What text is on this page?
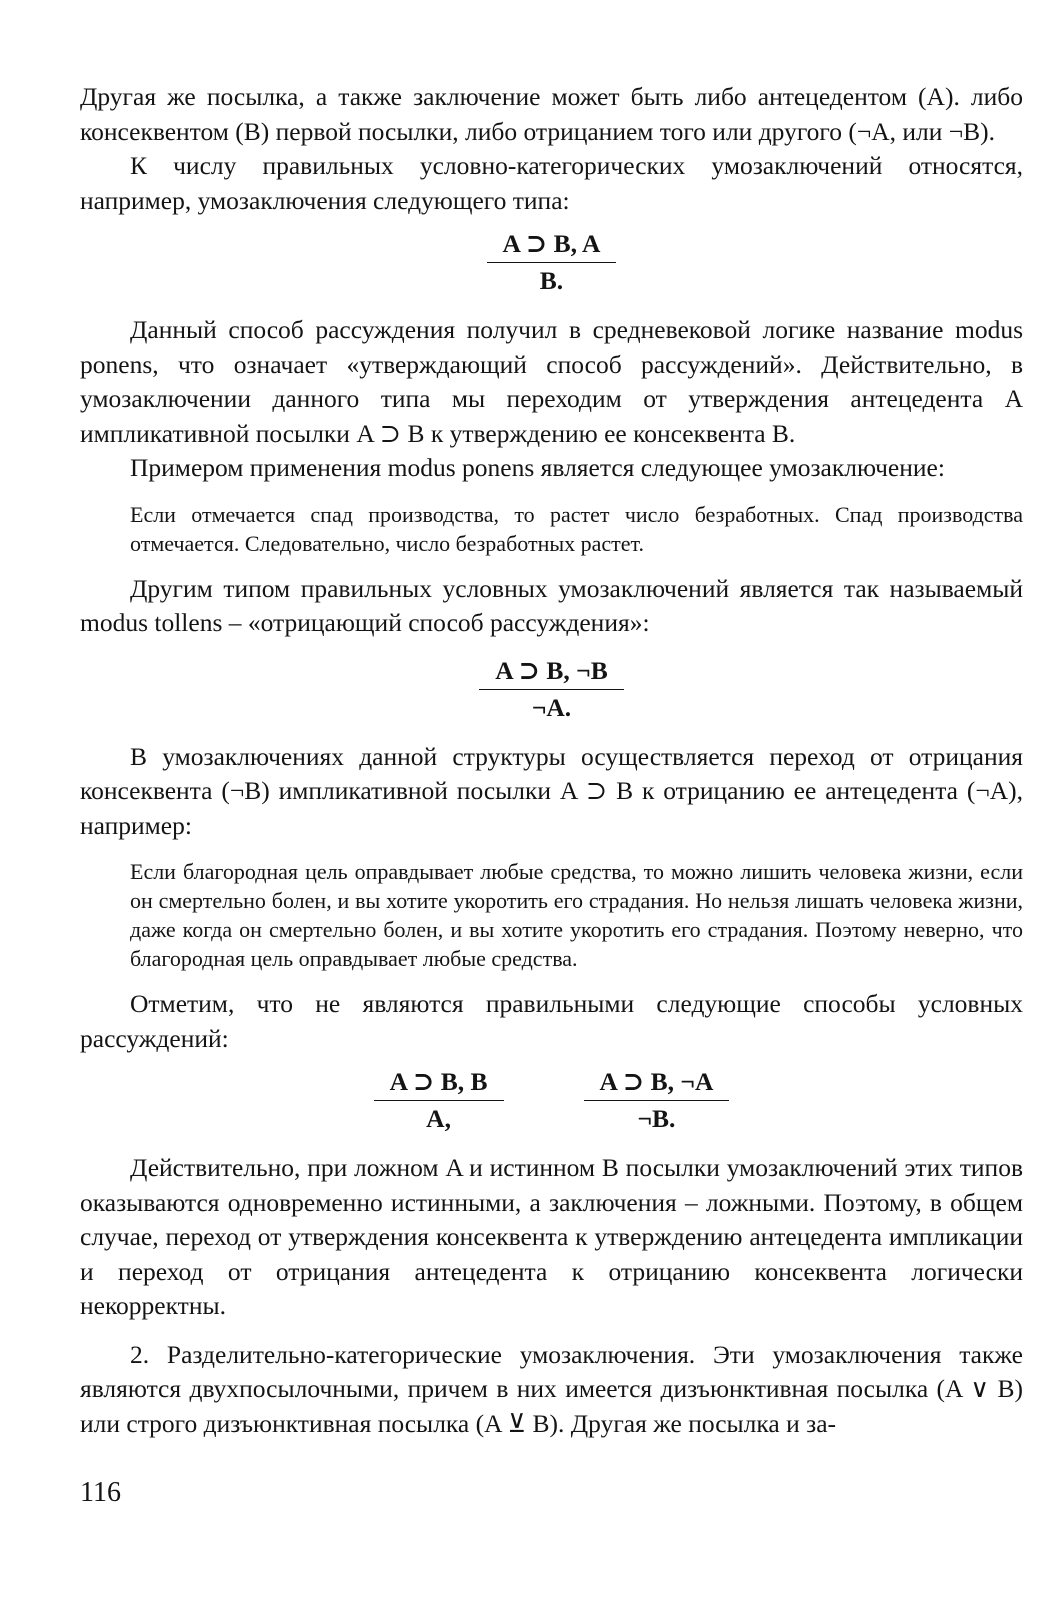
Другая же посылка, а также заключение может быть либо антецедентом (A). либо консеквентом (B) первой посылки, либо отрицанием того или другого (¬A, или ¬B).

К числу правильных условно-категорических умозаключений относятся, например, умозаключения следующего типа:

$\frac{A ⊃ B, A}{B.}$

Данный способ рассуждения получил в средневековой логике название modus ponens, что означает «утверждающий способ рассуждений». Действительно, в умозаключении данного типа мы переходим от утверждения антецедента A импликативной посылки A ⊃ B к утверждению ее консеквента B.

Примером применения modus ponens является следующее умозаключение:

Если отмечается спад производства, то растет число безработных. Спад производства отмечается. Следовательно, число безработных растет.

Другим типом правильных условных умозаключений является так называемый modus tollens – «отрицающий способ рассуждения»:

$\frac{A ⊃ B, \neg B}{\neg A.}$

В умозаключениях данной структуры осуществляется переход от отрицания консеквента (¬B) импликативной посылки A ⊃ B к отрицанию ее антецедента (¬A), например:

Если благородная цель оправдывает любые средства, то можно лишить человека жизни, если он смертельно болен, и вы хотите укоротить его страдания. Но нельзя лишать человека жизни, даже когда он смертельно болен, и вы хотите укоротить его страдания. Поэтому неверно, что благородная цель оправдывает любые средства.

Отметим, что не являются правильными следующие способы условных рассуждений:

$\frac{A ⊃ B, B}{A,}$	$\frac{A ⊃ B, \neg A}{\neg B.}$

Действительно, при ложном A и истинном B посылки умозаключений этих типов оказываются одновременно истинными, а заключения – ложными. Поэтому, в общем случае, переход от утверждения консеквента к утверждению антецедента импликации и переход от отрицания антецедента к отрицанию консеквента логически некорректны.

2. Разделительно-категорические умозаключения. Эти умозаключения также являются двухпосылочными, причем в них имеется дизъюнктивная посылка (A ∨ B) или строго дизъюнктивная посылка (A ⊻ B). Другая же посылка и за-

116
